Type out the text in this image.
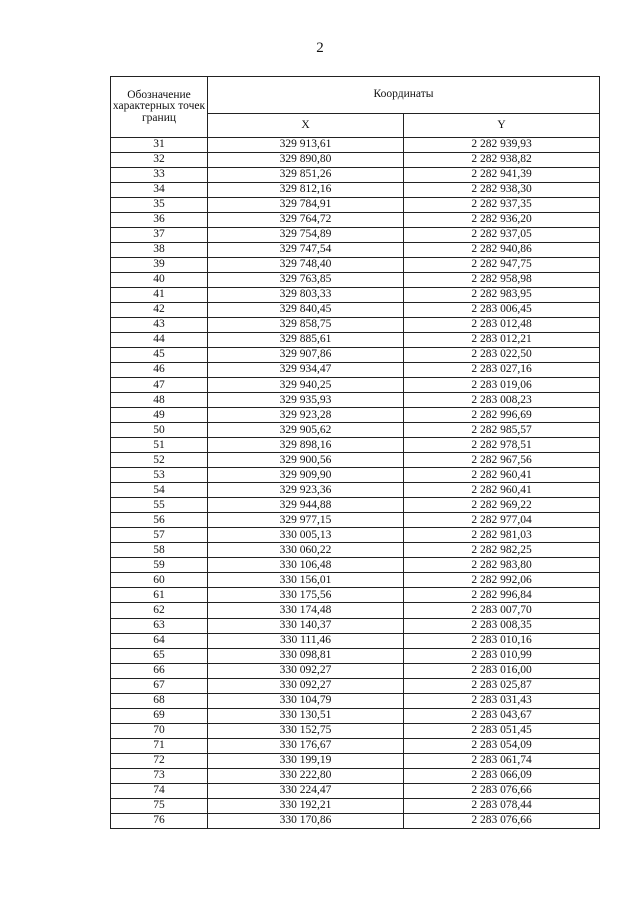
2
Обозначение характерных точек границ	Координаты	
	X	Y
31	329 913,61	2 282 939,93
32	329 890,80	2 282 938,82
33	329 851,26	2 282 941,39
34	329 812,16	2 282 938,30
35	329 784,91	2 282 937,35
36	329 764,72	2 282 936,20
37	329 754,89	2 282 937,05
38	329 747,54	2 282 940,86
39	329 748,40	2 282 947,75
40	329 763,85	2 282 958,98
41	329 803,33	2 282 983,95
42	329 840,45	2 283 006,45
43	329 858,75	2 283 012,48
44	329 885,61	2 283 012,21
45	329 907,86	2 283 022,50
46	329 934,47	2 283 027,16
47	329 940,25	2 283 019,06
48	329 935,93	2 283 008,23
49	329 923,28	2 282 996,69
50	329 905,62	2 282 985,57
51	329 898,16	2 282 978,51
52	329 900,56	2 282 967,56
53	329 909,90	2 282 960,41
54	329 923,36	2 282 960,41
55	329 944,88	2 282 969,22
56	329 977,15	2 282 977,04
57	330 005,13	2 282 981,03
58	330 060,22	2 282 982,25
59	330 106,48	2 282 983,80
60	330 156,01	2 282 992,06
61	330 175,56	2 282 996,84
62	330 174,48	2 283 007,70
63	330 140,37	2 283 008,35
64	330 111,46	2 283 010,16
65	330 098,81	2 283 010,99
66	330 092,27	2 283 016,00
67	330 092,27	2 283 025,87
68	330 104,79	2 283 031,43
69	330 130,51	2 283 043,67
70	330 152,75	2 283 051,45
71	330 176,67	2 283 054,09
72	330 199,19	2 283 061,74
73	330 222,80	2 283 066,09
74	330 224,47	2 283 076,66
75	330 192,21	2 283 078,44
76	330 170,86	2 283 076,66
